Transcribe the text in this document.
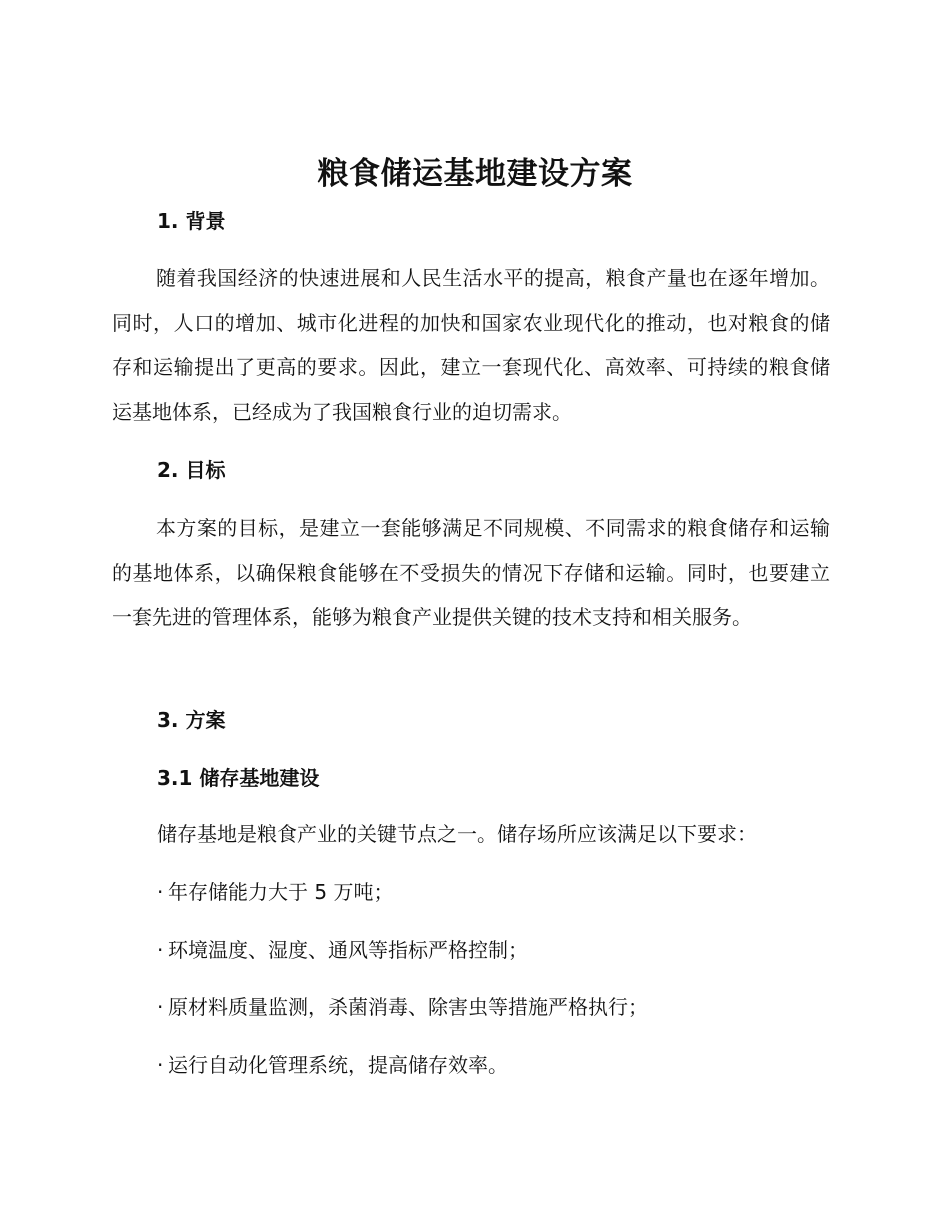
粮食储运基地建设方案
1. 背景

随着我国经济的快速进展和人民生活水平的提高，粮食产量也在逐年增加。同时，人口的增加、城市化进程的加快和国家农业现代化的推动，也对粮食的储存和运输提出了更高的要求。因此，建立一套现代化、高效率、可持续的粮食储运基地体系，已经成为了我国粮食行业的迫切需求。

2. 目标

本方案的目标，是建立一套能够满足不同规模、不同需求的粮食储存和运输的基地体系，以确保粮食能够在不受损失的情况下存储和运输。同时，也要建立一套先进的管理体系，能够为粮食产业提供关键的技术支持和相关服务。

3. 方案
3.1 储存基地建设

储存基地是粮食产业的关键节点之一。储存场所应该满足以下要求：

· 年存储能力大于 5 万吨；

· 环境温度、湿度、通风等指标严格控制；

· 原材料质量监测，杀菌消毒、除害虫等措施严格执行；

· 运行自动化管理系统，提高储存效率。
